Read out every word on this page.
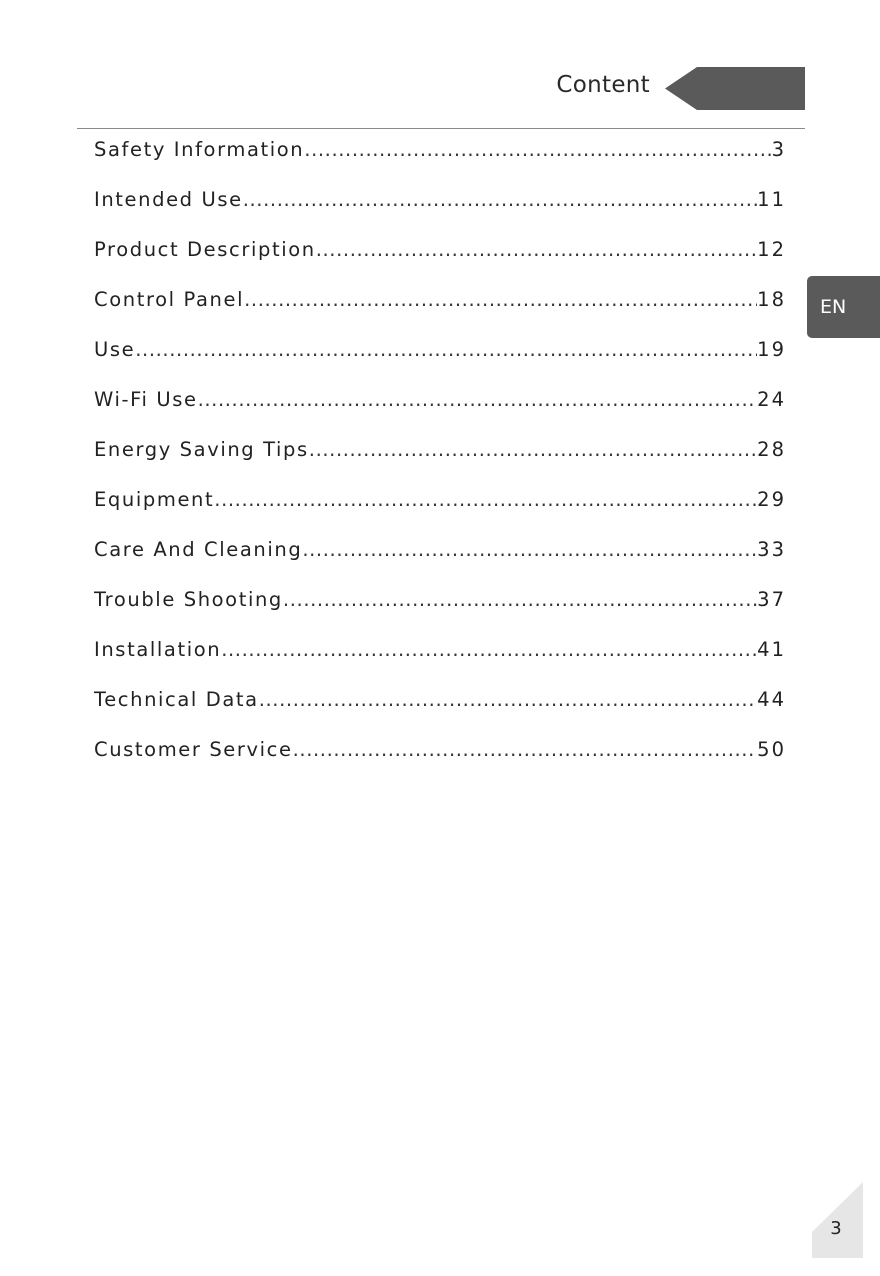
Content
Safety Information .....	3
Intended Use .....	11
Product Description .....	12
Control Panel .....	18
Use .....	19
Wi-Fi Use .....	24
Energy Saving Tips .....	28
Equipment .....	29
Care And Cleaning .....	33
Trouble Shooting .....	37
Installation .....	41
Technical Data .....	44
Customer Service .....	50
EN
3
